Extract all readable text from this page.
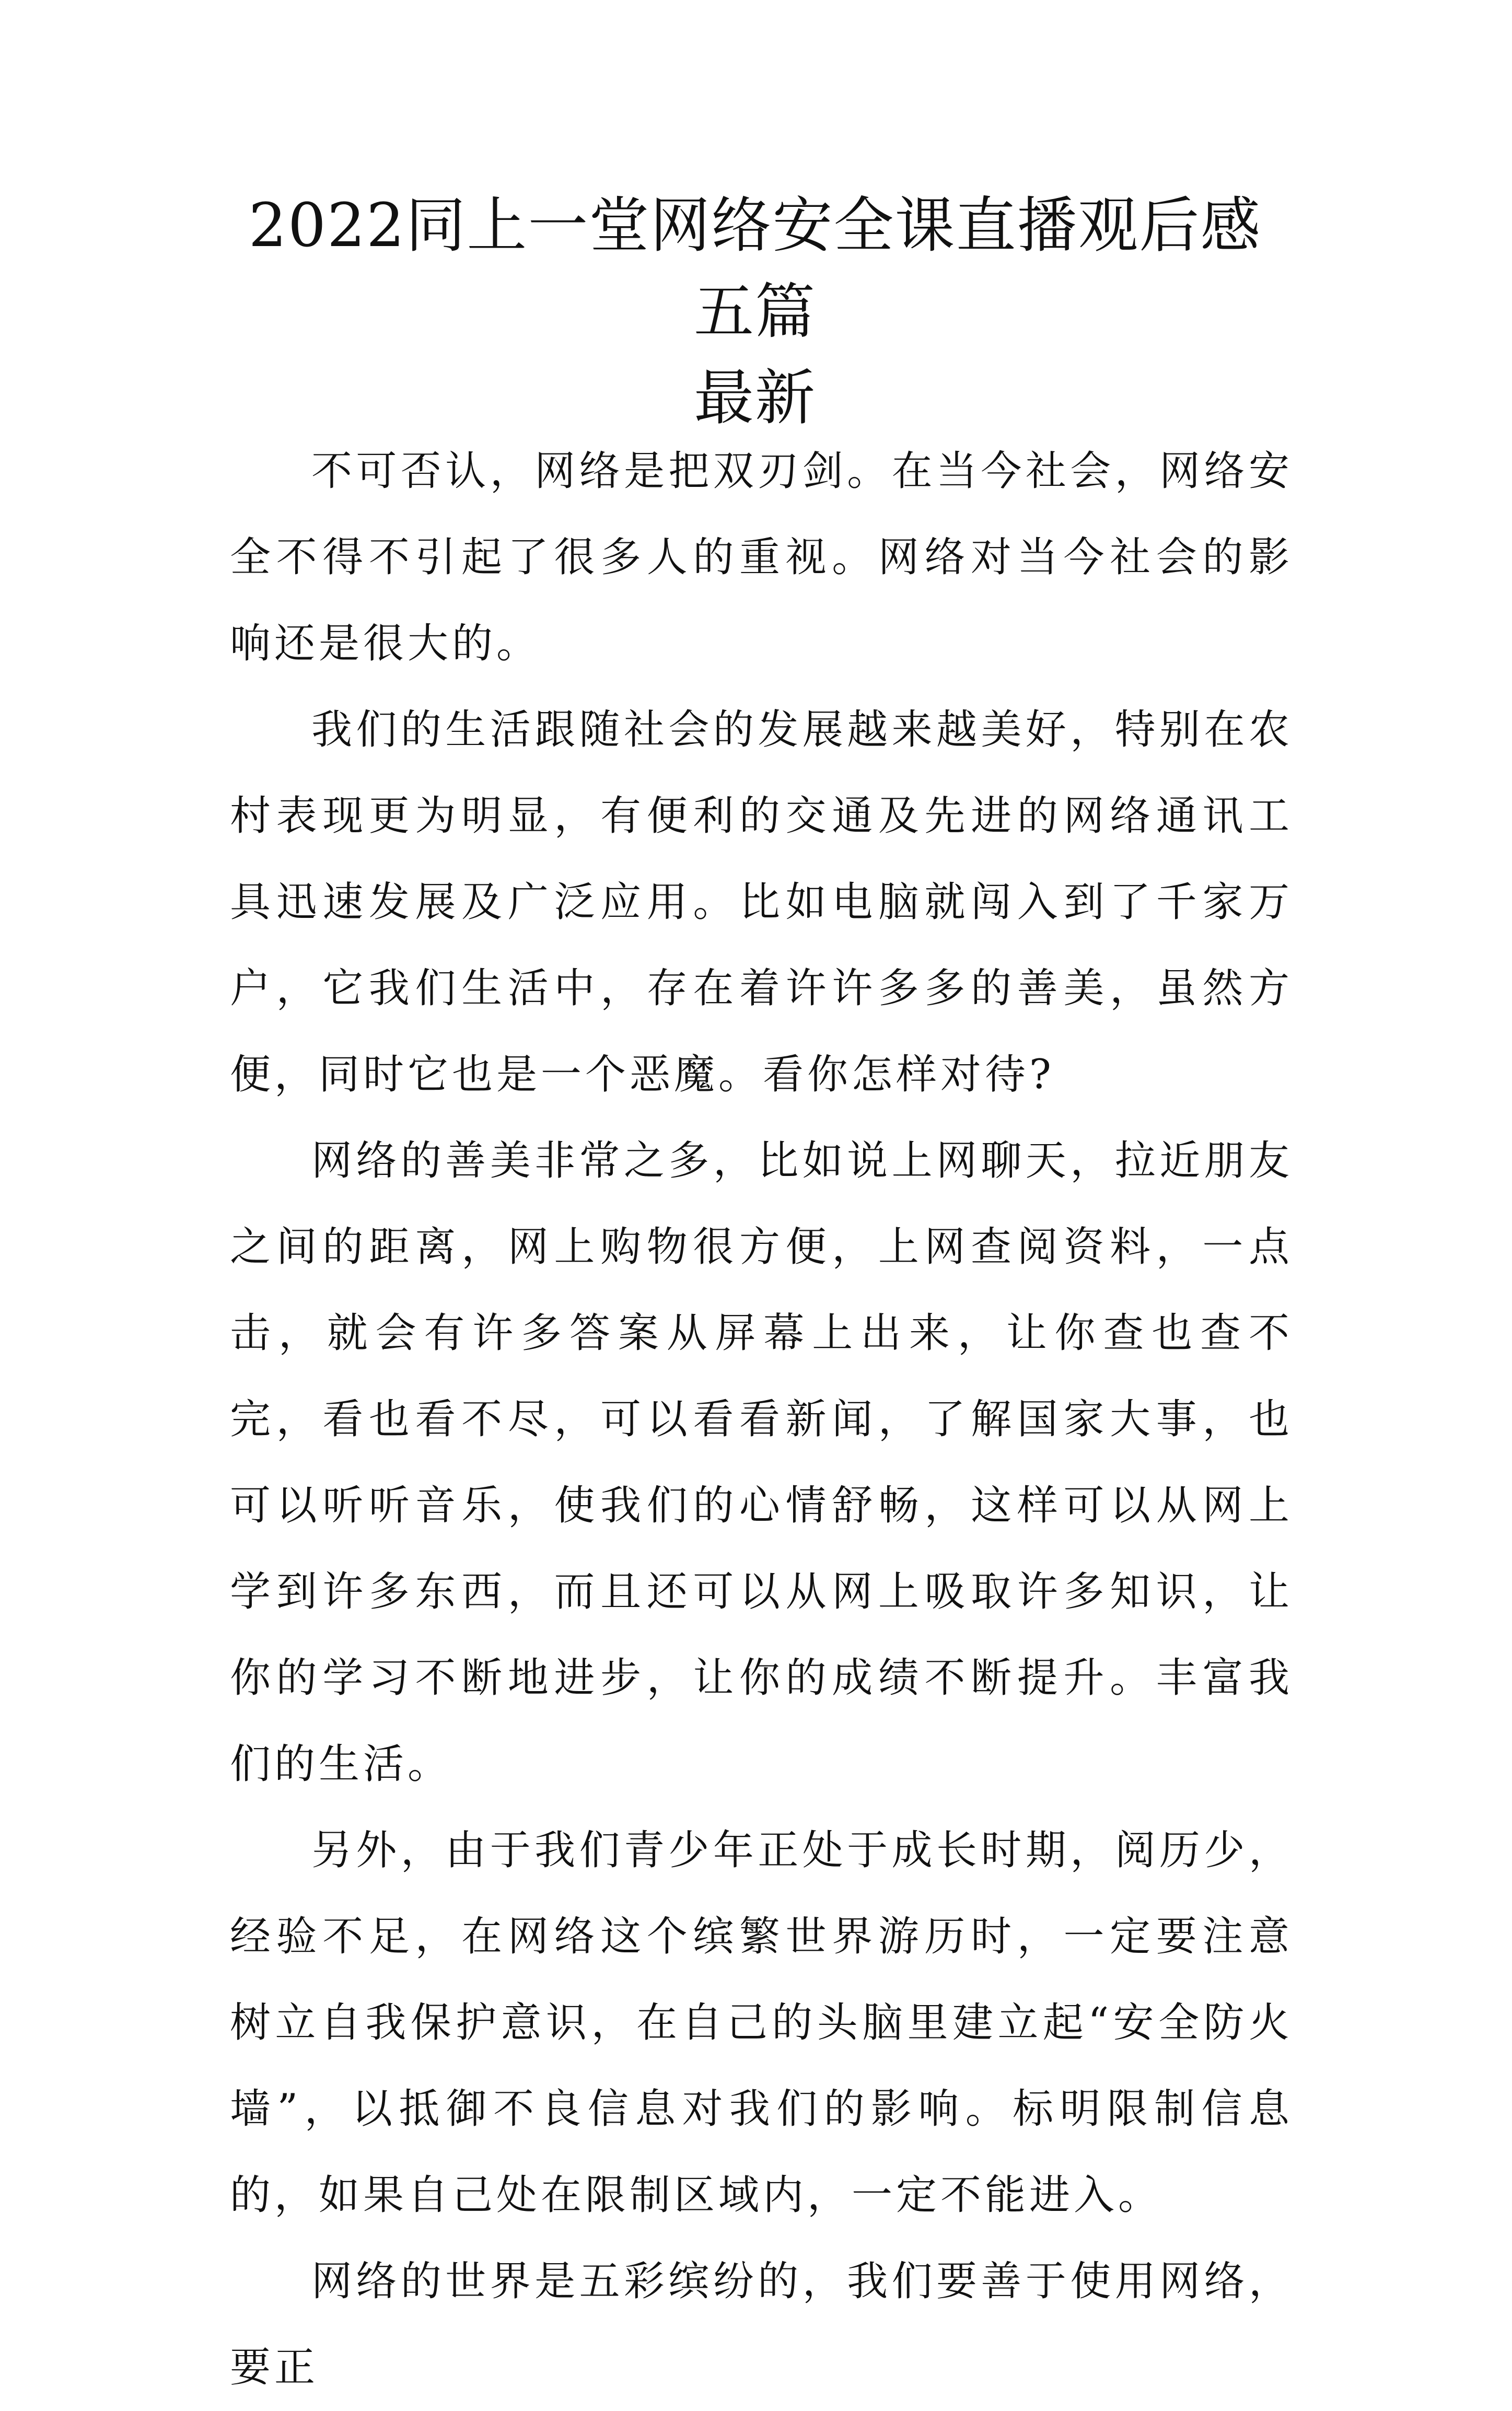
2022同上一堂网络安全课直播观后感五篇
最新

不可否认，网络是把双刃剑。在当今社会，网络安全不得不引起了很多人的重视。网络对当今社会的影响还是很大的。

我们的生活跟随社会的发展越来越美好，特别在农村表现更为明显，有便利的交通及先进的网络通讯工具迅速发展及广泛应用。比如电脑就闯入到了千家万户，它我们生活中，存在着许许多多的善美，虽然方便，同时它也是一个恶魔。看你怎样对待?

网络的善美非常之多，比如说上网聊天，拉近朋友之间的距离，网上购物很方便，上网查阅资料，一点击，就会有许多答案从屏幕上出来，让你查也查不完，看也看不尽，可以看看新闻，了解国家大事，也可以听听音乐，使我们的心情舒畅，这样可以从网上学到许多东西，而且还可以从网上吸取许多知识，让你的学习不断地进步，让你的成绩不断提升。丰富我们的生活。

另外，由于我们青少年正处于成长时期，阅历少，经验不足，在网络这个缤繁世界游历时，一定要注意树立自我保护意识，在自己的头脑里建立起“安全防火墙”，以抵御不良信息对我们的影响。标明限制信息的，如果自己处在限制区域内，一定不能进入。

网络的世界是五彩缤纷的，我们要善于使用网络，要正
